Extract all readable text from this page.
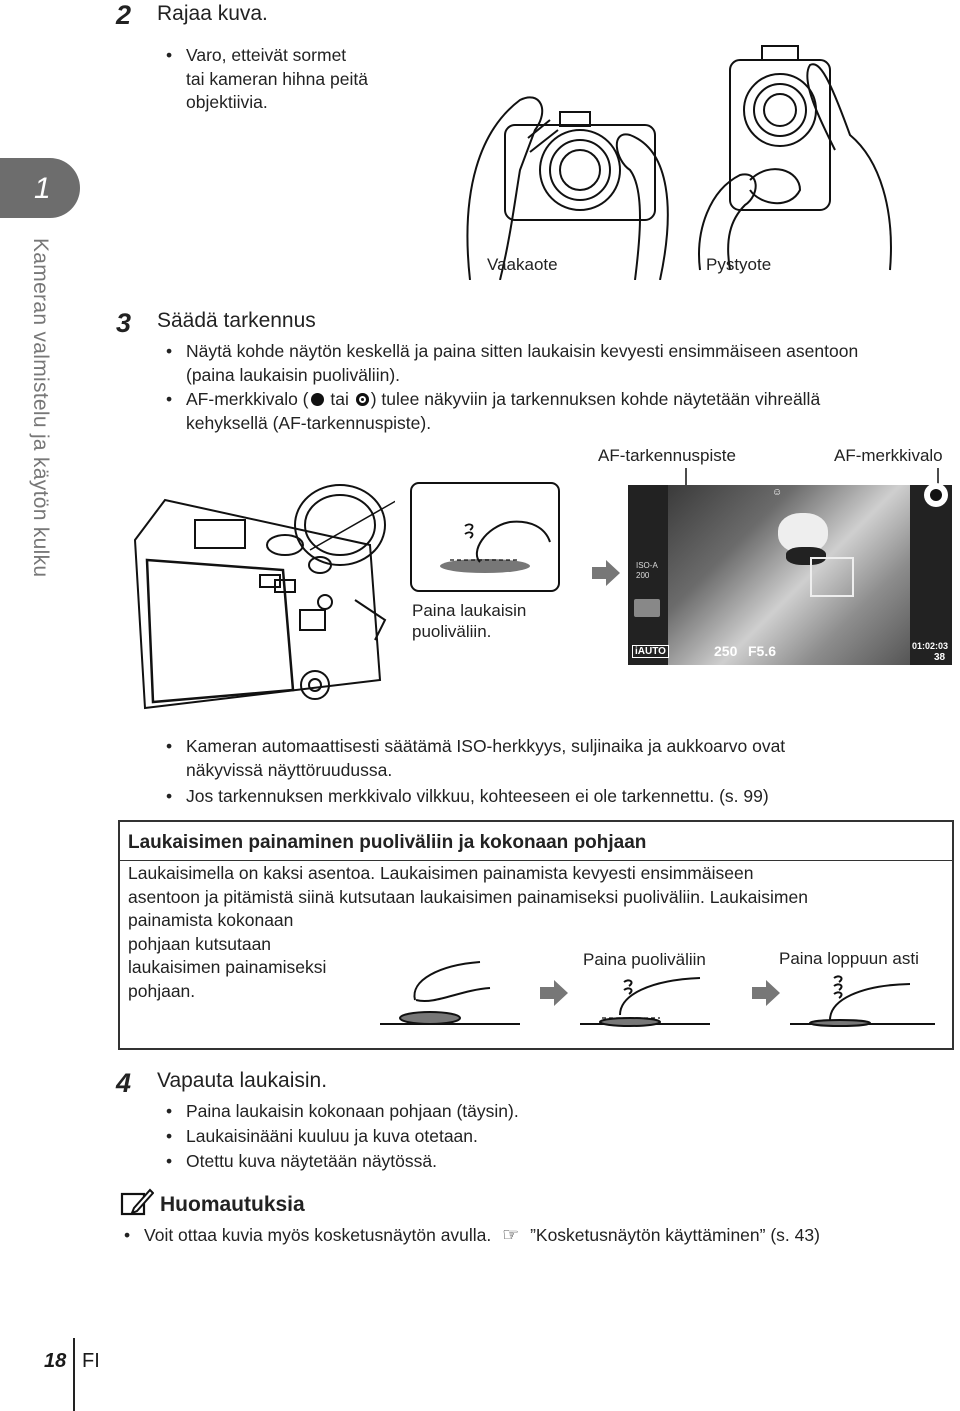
1
Kameran valmistelu ja käytön kulku
2 Rajaa kuva.
• Varo, etteivät sormet
tai kameran hihna peitä
objektiivia.
Vaakaote	Pystyote
3 Säädä tarkennus
• Näytä kohde näytön keskellä ja paina sitten laukaisin kevyesti ensimmäiseen asentoon
(paina laukaisin puoliväliin).
• AF-merkkivalo ( tai ) tulee näkyviin ja tarkennuksen kohde näytetään vihreällä
kehyksellä (AF-tarkennuspiste).
Paina laukaisin
puoliväliin.
AF-tarkennuspiste	AF-merkkivalo
ISO-A
200
iAUTO	250 F5.6	01:02:03
38
☺
• Kameran automaattisesti säätämä ISO-herkkyys, suljinaika ja aukkoarvo ovat
näkyvissä näyttöruudussa.
• Jos tarkennuksen merkkivalo vilkkuu, kohteeseen ei ole tarkennettu. (s. 99)
Laukaisimen painaminen puoliväliin ja kokonaan pohjaan
Laukaisimella on kaksi asentoa. Laukaisimen painamista kevyesti ensimmäiseen
asentoon ja pitämistä siinä kutsutaan laukaisimen painamiseksi puoliväliin. Laukaisimen
painamista kokonaan
pohjaan kutsutaan
laukaisimen painamiseksi
pohjaan.
Paina puoliväliin	Paina loppuun asti
4 Vapauta laukaisin.
• Paina laukaisin kokonaan pohjaan (täysin).
• Laukaisinääni kuuluu ja kuva otetaan.
• Otettu kuva näytetään näytössä.
Huomautuksia
• Voit ottaa kuvia myös kosketusnäytön avulla. ☞ ”Kosketusnäytön käyttäminen” (s. 43)
18 FI
